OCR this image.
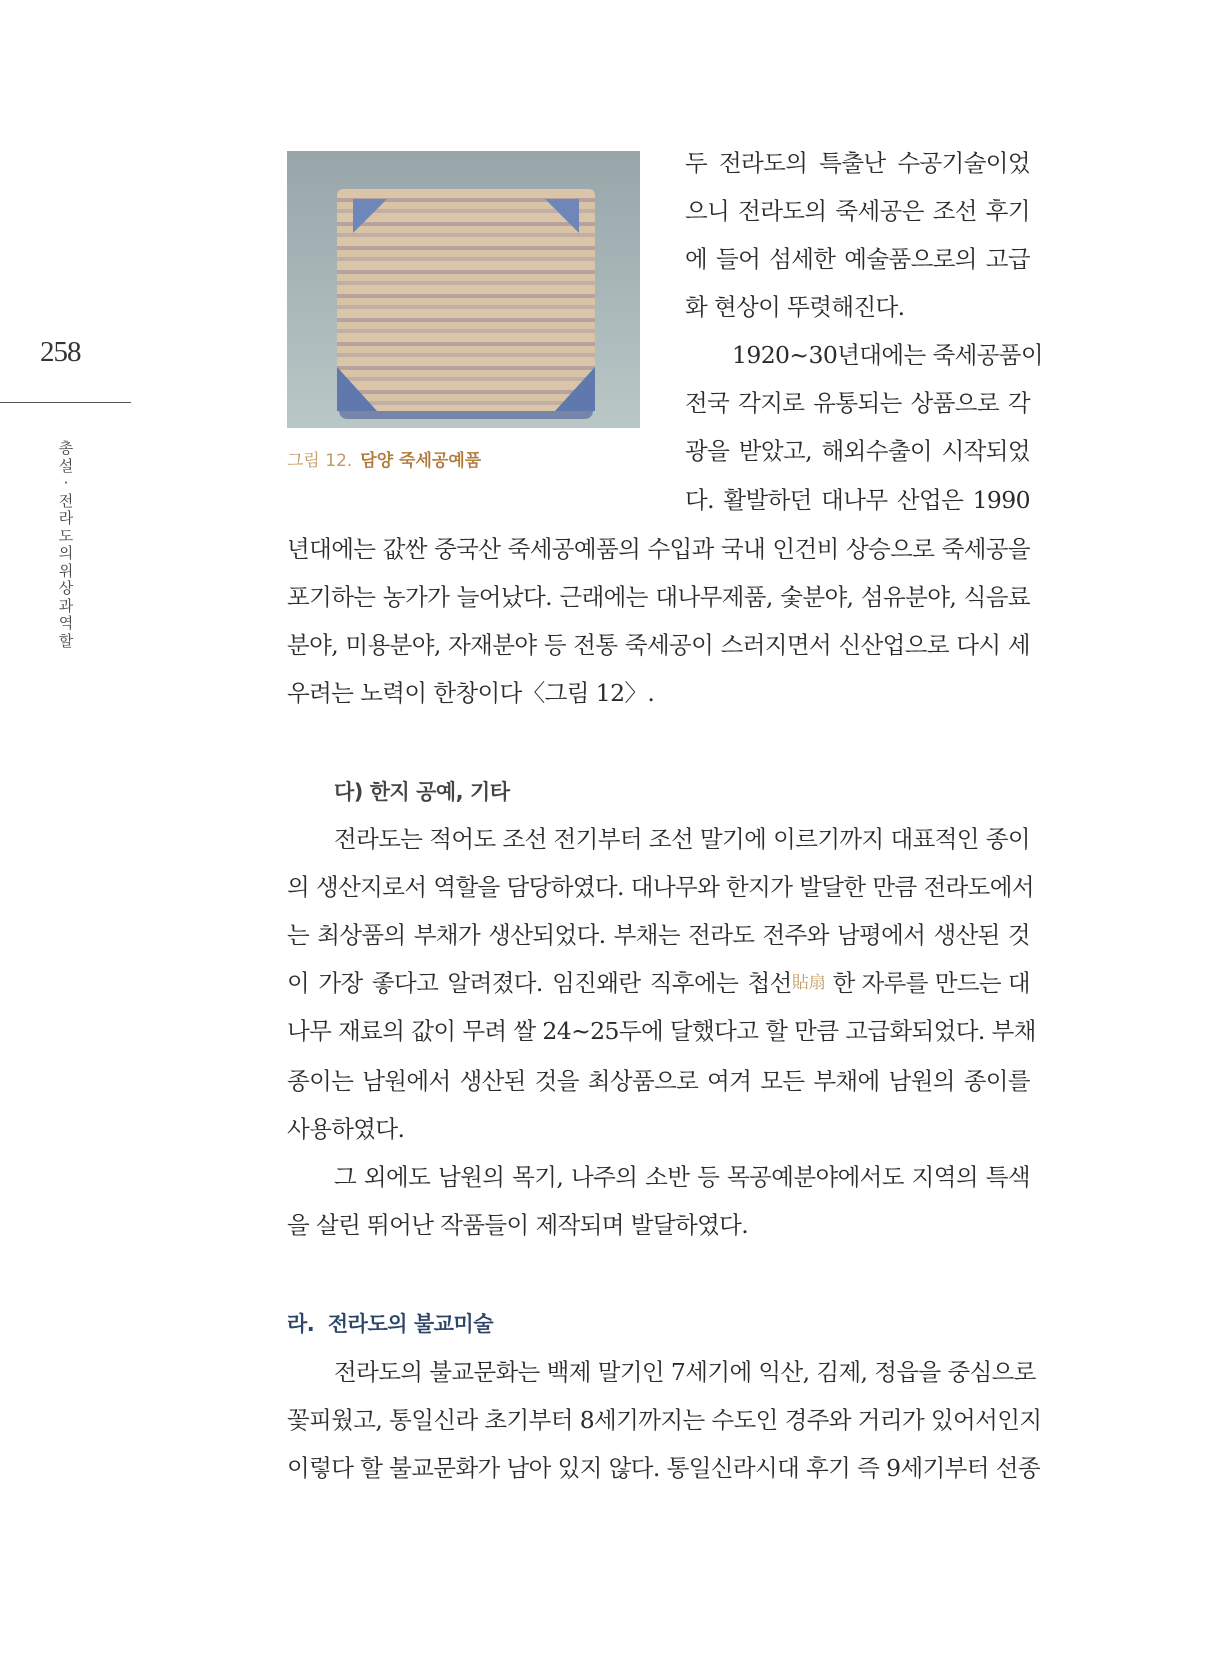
258
총설 · 전라도의 위상과 역할
그림 12. 담양 죽세공예품
두 전라도의 특출난 수공기술이었
으니 전라도의 죽세공은 조선 후기
에 들어 섬세한 예술품으로의 고급
화 현상이 뚜렷해진다.
1920~30년대에는 죽세공품이
전국 각지로 유통되는 상품으로 각
광을 받았고, 해외수출이 시작되었
다. 활발하던 대나무 산업은 1990
년대에는 값싼 중국산 죽세공예품의 수입과 국내 인건비 상승으로 죽세공을
포기하는 농가가 늘어났다. 근래에는 대나무제품, 숯분야, 섬유분야, 식음료
분야, 미용분야, 자재분야 등 전통 죽세공이 스러지면서 신산업으로 다시 세
우려는 노력이 한창이다〈그림 12〉.
다) 한지 공예, 기타
전라도는 적어도 조선 전기부터 조선 말기에 이르기까지 대표적인 종이
의 생산지로서 역할을 담당하였다. 대나무와 한지가 발달한 만큼 전라도에서
는 최상품의 부채가 생산되었다. 부채는 전라도 전주와 남평에서 생산된 것
이 가장 좋다고 알려졌다. 임진왜란 직후에는 첩선 貼扇 한 자루를 만드는 대
나무 재료의 값이 무려 쌀 24~25두에 달했다고 할 만큼 고급화되었다. 부채
종이는 남원에서 생산된 것을 최상품으로 여겨 모든 부채에 남원의 종이를
사용하였다.
그 외에도 남원의 목기, 나주의 소반 등 목공예분야에서도 지역의 특색
을 살린 뛰어난 작품들이 제작되며 발달하였다.
라.  전라도의 불교미술
전라도의 불교문화는 백제 말기인 7세기에 익산, 김제, 정읍을 중심으로
꽃피웠고, 통일신라 초기부터 8세기까지는 수도인 경주와 거리가 있어서인지
이렇다 할 불교문화가 남아 있지 않다. 통일신라시대 후기 즉 9세기부터 선종
